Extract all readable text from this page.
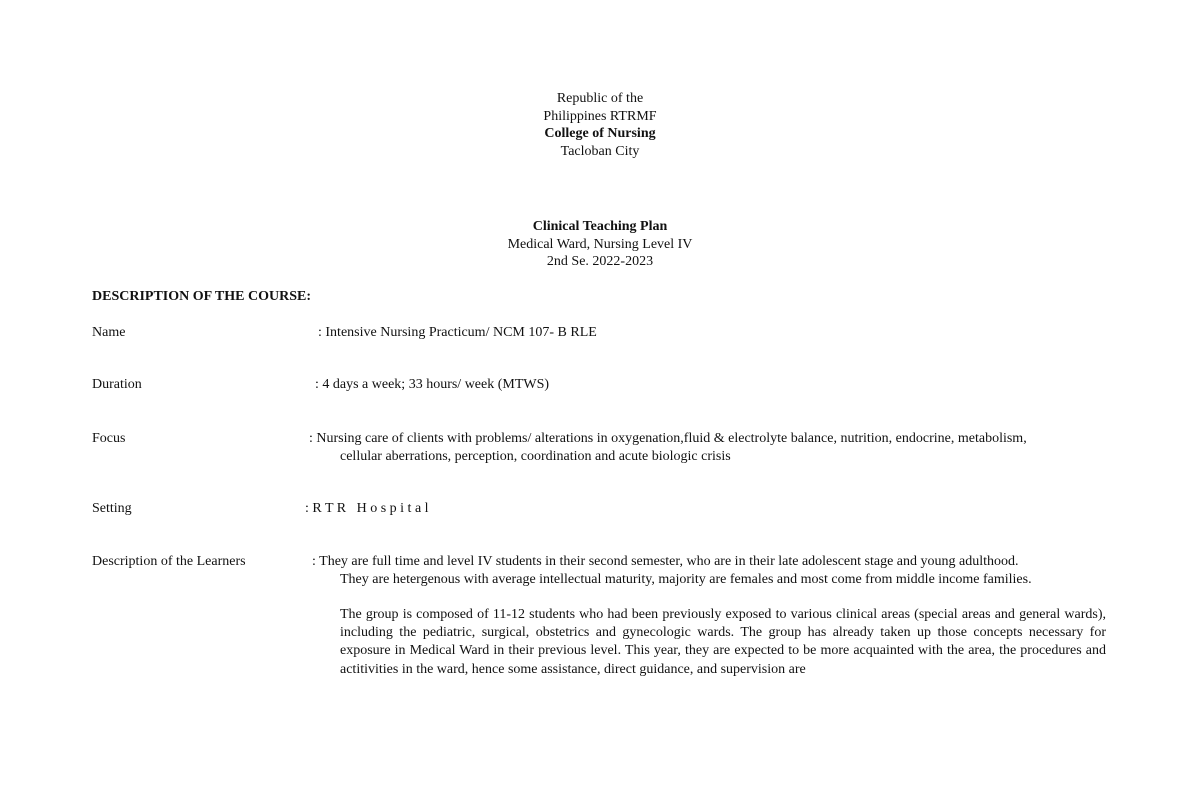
Republic of the
Philippines RTRMF
College of Nursing
Tacloban City
Clinical Teaching Plan
Medical Ward, Nursing Level IV
2nd Se. 2022-2023
DESCRIPTION OF THE COURSE:
Name	: Intensive Nursing Practicum/ NCM 107- B RLE
Duration	: 4 days a week; 33 hours/ week (MTWS)
Focus	: Nursing care of clients with problems/ alterations in oxygenation,fluid & electrolyte balance, nutrition, endocrine, metabolism,
cellular aberrations, perception, coordination and acute biologic crisis
Setting	: R T R   H o s p i t a l
Description of the Learners	: They are full time and level IV students in their second semester, who are in their late adolescent stage and young adulthood.
They are hetergenous with average intellectual maturity, majority are females and most come from middle income families.
The group is composed of 11-12 students who had been previously exposed to various clinical areas (special areas and general wards), including the pediatric, surgical, obstetrics and gynecologic wards. The group has already taken up those concepts necessary for exposure in Medical Ward in their previous level. This year, they are expected to be more acquainted with the area, the procedures and actitivities in the ward, hence some assistance, direct guidance, and supervision are
